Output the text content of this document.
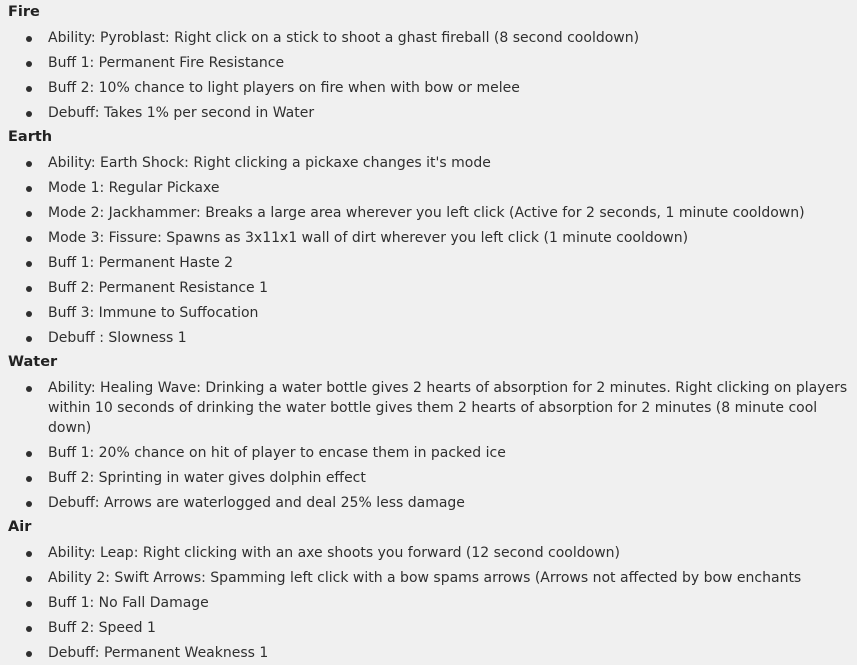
Fire
Ability: Pyroblast: Right click on a stick to shoot a ghast fireball (8 second cooldown)
Buff 1: Permanent Fire Resistance
Buff 2: 10% chance to light players on fire when with bow or melee
Debuff: Takes 1% per second in Water
Earth
Ability: Earth Shock: Right clicking a pickaxe changes it's mode
Mode 1: Regular Pickaxe
Mode 2: Jackhammer: Breaks a large area wherever you left click (Active for 2 seconds, 1 minute cooldown)
Mode 3: Fissure: Spawns as 3x11x1 wall of dirt wherever you left click (1 minute cooldown)
Buff 1: Permanent Haste 2
Buff 2: Permanent Resistance 1
Buff 3: Immune to Suffocation
Debuff : Slowness 1
Water
Ability: Healing Wave: Drinking a water bottle gives 2 hearts of absorption for 2 minutes. Right clicking on players within 10 seconds of drinking the water bottle gives them 2 hearts of absorption for 2 minutes (8 minute cool down)
Buff 1: 20% chance on hit of player to encase them in packed ice
Buff 2: Sprinting in water gives dolphin effect
Debuff: Arrows are waterlogged and deal 25% less damage
Air
Ability: Leap: Right clicking with an axe shoots you forward (12 second cooldown)
Ability 2: Swift Arrows: Spamming left click with a bow spams arrows (Arrows not affected by bow enchants
Buff 1: No Fall Damage
Buff 2: Speed 1
Debuff: Permanent Weakness 1
